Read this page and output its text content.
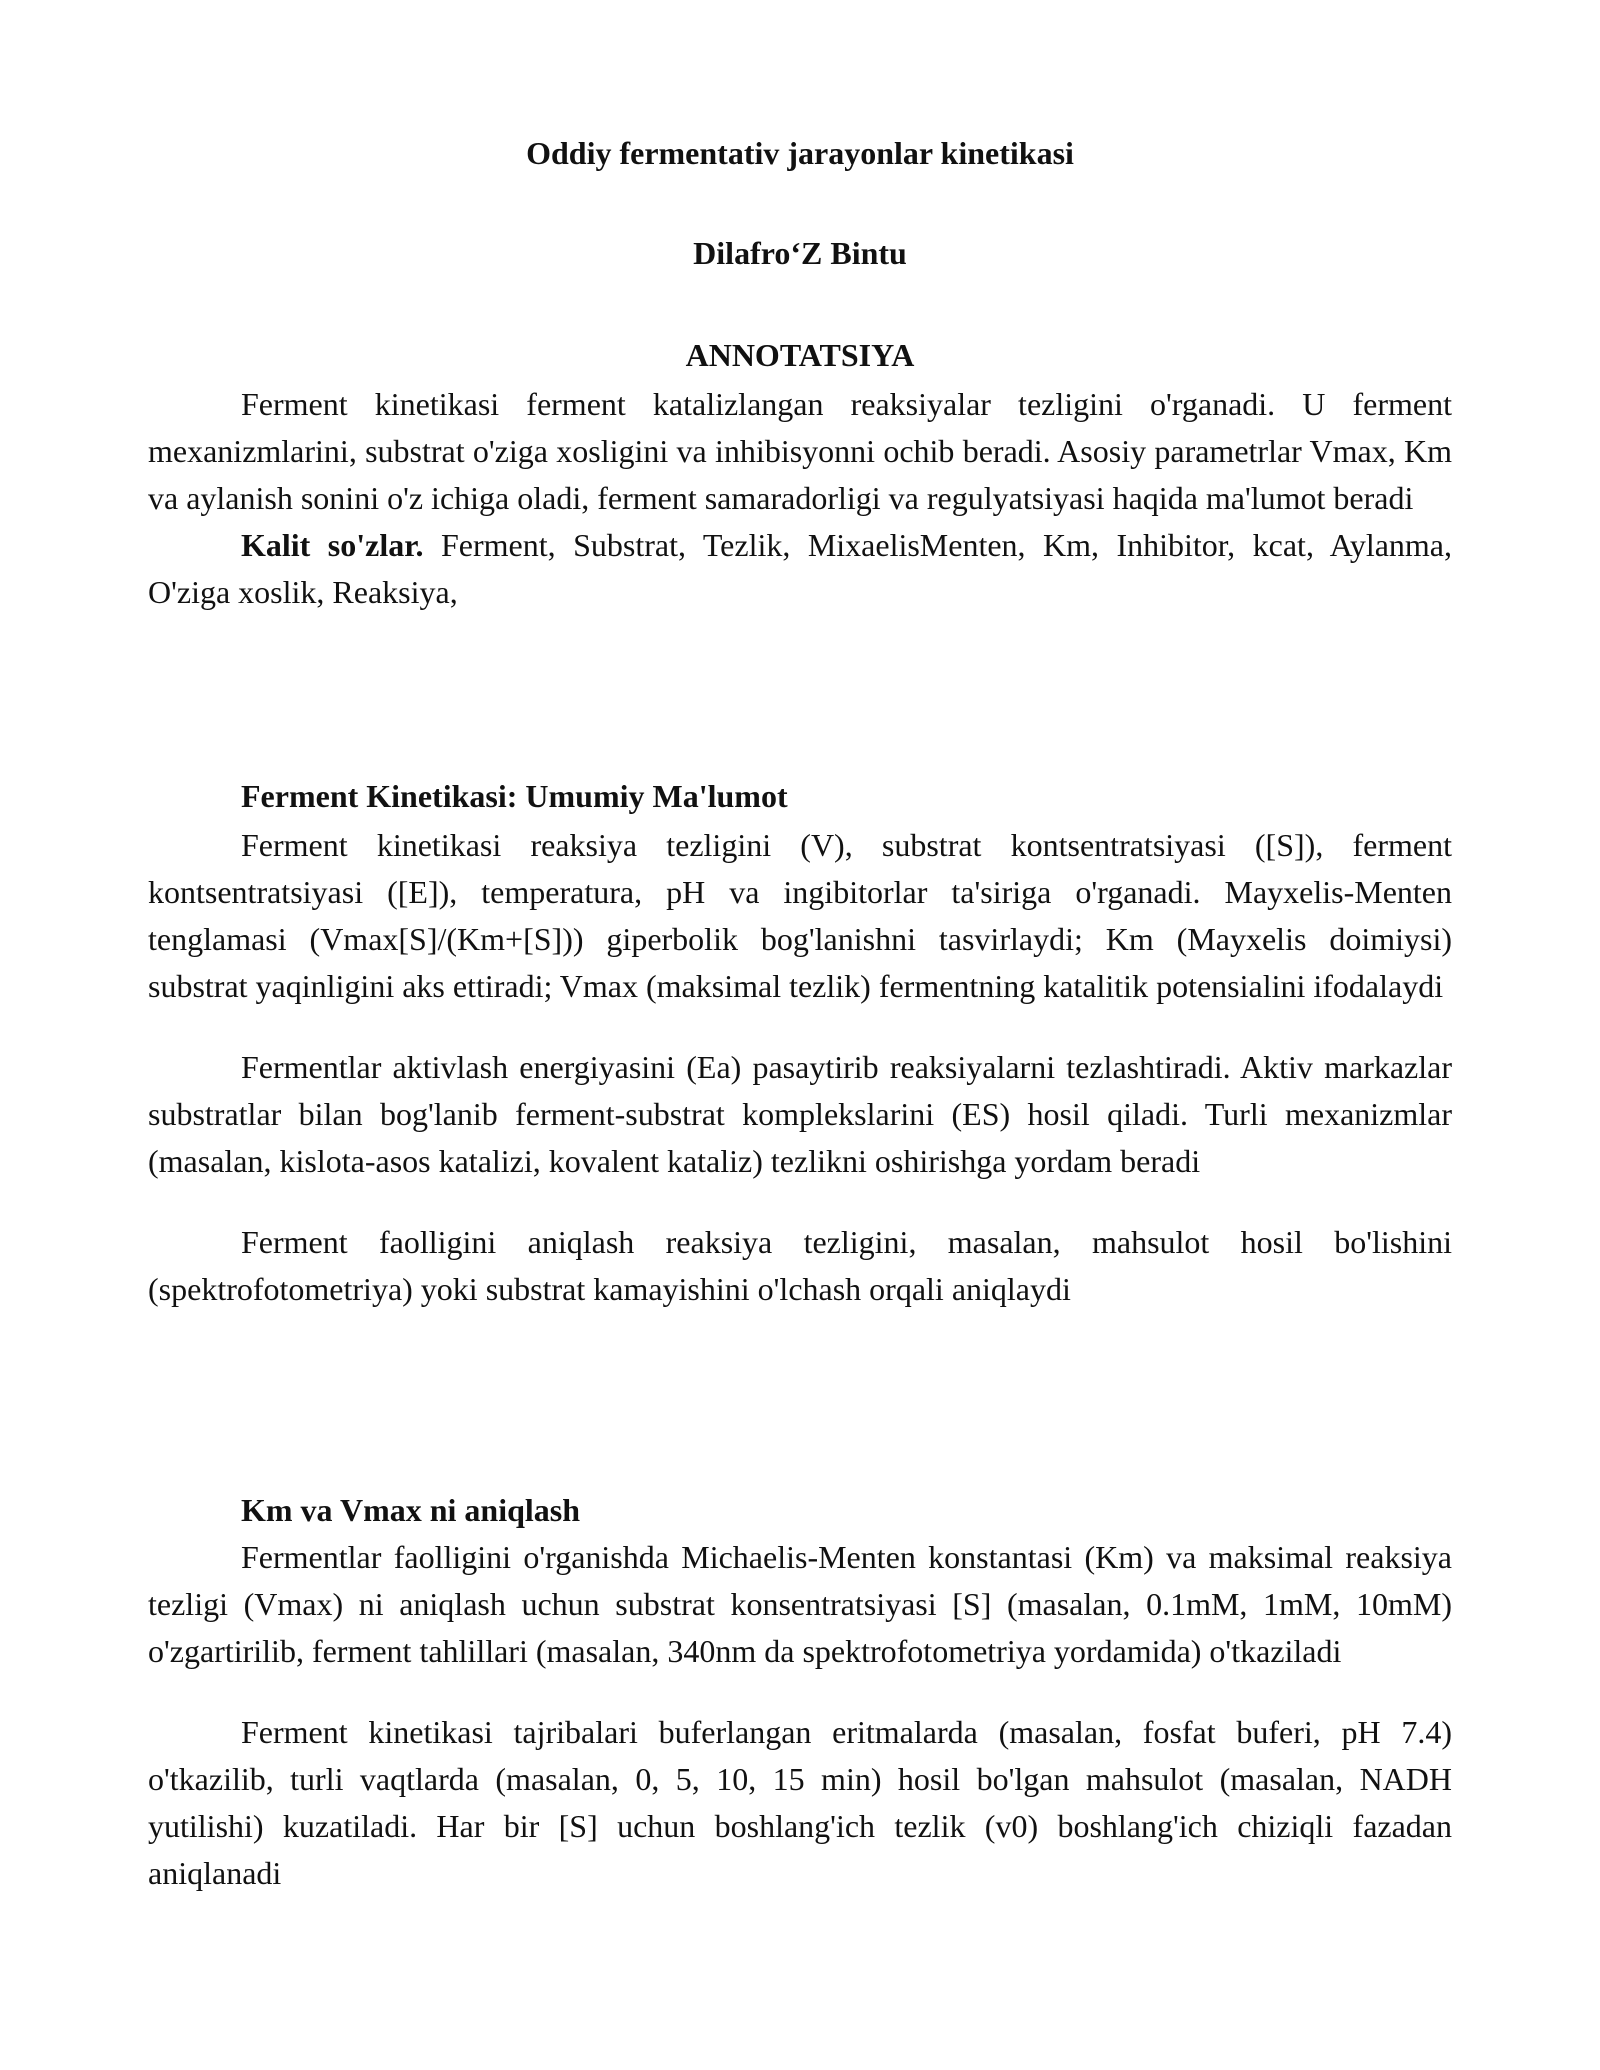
Oddiy fermentativ jarayonlar kinetikasi
Dilafro‘Z Bintu
ANNOTATSIYA

Ferment kinetikasi ferment katalizlangan reaksiyalar tezligini o'rganadi. U ferment mexanizmlarini, substrat o'ziga xosligini va inhibisyonni ochib beradi. Asosiy parametrlar Vmax, Km va aylanish sonini o'z ichiga oladi, ferment samaradorligi va regulyatsiyasi haqida ma'lumot beradi

Kalit so'zlar. Ferment, Substrat, Tezlik, MixaelisMenten, Km, Inhibitor, kcat, Aylanma, O'ziga xoslik, Reaksiya,

Ferment Kinetikasi: Umumiy Ma'lumot

Ferment kinetikasi reaksiya tezligini (V), substrat kontsentratsiyasi ([S]), ferment kontsentratsiyasi ([E]), temperatura, pH va ingibitorlar ta'siriga o'rganadi. Mayxelis-Menten tenglamasi (Vmax[S]/(Km+[S])) giperbolik bog'lanishni tasvirlaydi; Km (Mayxelis doimiysi) substrat yaqinligini aks ettiradi; Vmax (maksimal tezlik) fermentning katalitik potensialini ifodalaydi

Fermentlar aktivlash energiyasini (Ea) pasaytirib reaksiyalarni tezlashtiradi. Aktiv markazlar substratlar bilan bog'lanib ferment-substrat komplekslarini (ES) hosil qiladi. Turli mexanizmlar (masalan, kislota-asos katalizi, kovalent kataliz) tezlikni oshirishga yordam beradi

Ferment faolligini aniqlash reaksiya tezligini, masalan, mahsulot hosil bo'lishini (spektrofotometriya) yoki substrat kamayishini o'lchash orqali aniqlaydi

Km va Vmax ni aniqlash

Fermentlar faolligini o'rganishda Michaelis-Menten konstantasi (Km) va maksimal reaksiya tezligi (Vmax) ni aniqlash uchun substrat konsentratsiyasi [S] (masalan, 0.1mM, 1mM, 10mM) o'zgartirilib, ferment tahlillari (masalan, 340nm da spektrofotometriya yordamida) o'tkaziladi

Ferment kinetikasi tajribalari buferlangan eritmalarda (masalan, fosfat buferi, pH 7.4) o'tkazilib, turli vaqtlarda (masalan, 0, 5, 10, 15 min) hosil bo'lgan mahsulot (masalan, NADH yutilishi) kuzatiladi. Har bir [S] uchun boshlang'ich tezlik (v0) boshlang'ich chiziqli fazadan aniqlanadi
